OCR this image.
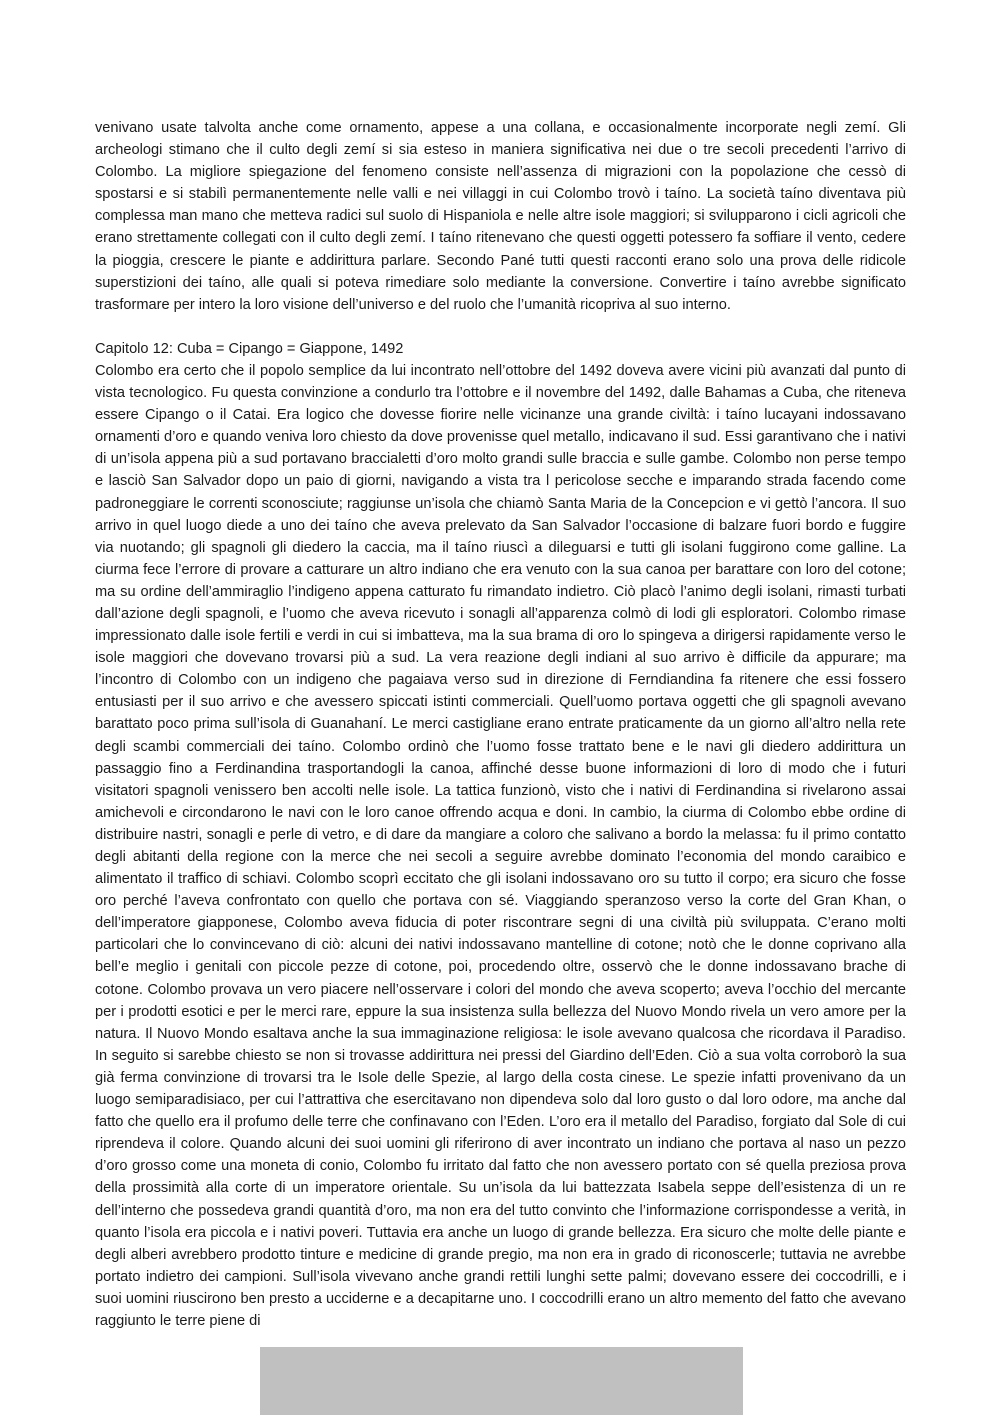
venivano usate talvolta anche come ornamento, appese a una collana, e occasionalmente incorporate negli zemí. Gli archeologi stimano che il culto degli zemí si sia esteso in maniera significativa nei due o tre secoli precedenti l’arrivo di Colombo. La migliore spiegazione del fenomeno consiste nell’assenza di migrazioni con la popolazione che cessò di spostarsi e si stabilì permanentemente nelle valli e nei villaggi in cui Colombo trovò i taíno. La società taíno diventava più complessa man mano che metteva radici sul suolo di Hispaniola e nelle altre isole maggiori; si svilupparono i cicli agricoli che erano strettamente collegati con il culto degli zemí. I taíno ritenevano che questi oggetti potessero fa soffiare il vento, cedere la pioggia, crescere le piante e addirittura parlare. Secondo Pané tutti questi racconti erano solo una prova delle ridicole superstizioni dei taíno, alle quali si poteva rimediare solo mediante la conversione. Convertire i taíno avrebbe significato trasformare per intero la loro visione dell’universo e del ruolo che l’umanità ricopriva al suo interno.

Capitolo 12: Cuba = Cipango = Giappone, 1492

Colombo era certo che il popolo semplice da lui incontrato nell’ottobre del 1492 doveva avere vicini più avanzati dal punto di vista tecnologico. Fu questa convinzione a condurlo tra l’ottobre e il novembre del 1492, dalle Bahamas a Cuba, che riteneva essere Cipango o il Catai. Era logico che dovesse fiorire nelle vicinanze una grande civiltà: i taíno lucayani indossavano ornamenti d’oro e quando veniva loro chiesto da dove provenisse quel metallo, indicavano il sud. Essi garantivano che i nativi di un’isola appena più a sud portavano braccialetti d’oro molto grandi sulle braccia e sulle gambe. Colombo non perse tempo e lasciò San Salvador dopo un paio di giorni, navigando a vista tra l pericolose secche e imparando strada facendo come padroneggiare le correnti sconosciute; raggiunse un’isola che chiamò Santa Maria de la Concepcion e vi gettò l’ancora. Il suo arrivo in quel luogo diede a uno dei taíno che aveva prelevato da San Salvador l’occasione di balzare fuori bordo e fuggire via nuotando; gli spagnoli gli diedero la caccia, ma il taíno riuscì a dileguarsi e tutti gli isolani fuggirono come galline. La ciurma fece l’errore di provare a catturare un altro indiano che era venuto con la sua canoa per barattare con loro del cotone; ma su ordine dell’ammiraglio l’indigeno appena catturato fu rimandato indietro. Ciò placò l’animo degli isolani, rimasti turbati dall’azione degli spagnoli, e l’uomo che aveva ricevuto i sonagli all’apparenza colmò di lodi gli esploratori. Colombo rimase impressionato dalle isole fertili e verdi in cui si imbatteva, ma la sua brama di oro lo spingeva a dirigersi rapidamente verso le isole maggiori che dovevano trovarsi più a sud. La vera reazione degli indiani al suo arrivo è difficile da appurare; ma l’incontro di Colombo con un indigeno che pagaiava verso sud in direzione di Ferndiandina fa ritenere che essi fossero entusiasti per il suo arrivo e che avessero spiccati istinti commerciali. Quell’uomo portava oggetti che gli spagnoli avevano barattato poco prima sull’isola di Guanahaní. Le merci castigliane erano entrate praticamente da un giorno all’altro nella rete degli scambi commerciali dei taíno. Colombo ordinò che l’uomo fosse trattato bene e le navi gli diedero addirittura un passaggio fino a Ferdinandina trasportandogli la canoa, affinché desse buone informazioni di loro di modo che i futuri visitatori spagnoli venissero ben accolti nelle isole. La tattica funzionò, visto che i nativi di Ferdinandina si rivelarono assai amichevoli e circondarono le navi con le loro canoe offrendo acqua e doni. In cambio, la ciurma di Colombo ebbe ordine di distribuire nastri, sonagli e perle di vetro, e di dare da mangiare a coloro che salivano a bordo la melassa: fu il primo contatto degli abitanti della regione con la merce che nei secoli a seguire avrebbe dominato l’economia del mondo caraibico e alimentato il traffico di schiavi. Colombo scoprì eccitato che gli isolani indossavano oro su tutto il corpo; era sicuro che fosse oro perché l’aveva confrontato con quello che portava con sé. Viaggiando speranzoso verso la corte del Gran Khan, o dell’imperatore giapponese, Colombo aveva fiducia di poter riscontrare segni di una civiltà più sviluppata. C’erano molti particolari che lo convincevano di ciò: alcuni dei nativi indossavano mantelline di cotone; notò che le donne coprivano alla bell’e meglio i genitali con piccole pezze di cotone, poi, procedendo oltre, osservò che le donne indossavano brache di cotone. Colombo provava un vero piacere nell’osservare i colori del mondo che aveva scoperto; aveva l’occhio del mercante per i prodotti esotici e per le merci rare, eppure la sua insistenza sulla bellezza del Nuovo Mondo rivela un vero amore per la natura. Il Nuovo Mondo esaltava anche la sua immaginazione religiosa: le isole avevano qualcosa che ricordava il Paradiso. In seguito si sarebbe chiesto se non si trovasse addirittura nei pressi del Giardino dell’Eden. Ciò a sua volta corroborò la sua già ferma convinzione di trovarsi tra le Isole delle Spezie, al largo della costa cinese. Le spezie infatti provenivano da un luogo semiparadisiaco, per cui l’attrattiva che esercitavano non dipendeva solo dal loro gusto o dal loro odore, ma anche dal fatto che quello era il profumo delle terre che confinavano con l’Eden. L’oro era il metallo del Paradiso, forgiato dal Sole di cui riprendeva il colore. Quando alcuni dei suoi uomini gli riferirono di aver incontrato un indiano che portava al naso un pezzo d’oro grosso come una moneta di conio, Colombo fu irritato dal fatto che non avessero portato con sé quella preziosa prova della prossimità alla corte di un imperatore orientale. Su un’isola da lui battezzata Isabela seppe dell’esistenza di un re dell’interno che possedeva grandi quantità d’oro, ma non era del tutto convinto che l’informazione corrispondesse a verità, in quanto l’isola era piccola e i nativi poveri. Tuttavia era anche un luogo di grande bellezza. Era sicuro che molte delle piante e degli alberi avrebbero prodotto tinture e medicine di grande pregio, ma non era in grado di riconoscerle; tuttavia ne avrebbe portato indietro dei campioni. Sull’isola vivevano anche grandi rettili lunghi sette palmi; dovevano essere dei coccodrilli, e i suoi uomini riuscirono ben presto a ucciderne e a decapitarne uno. I coccodrilli erano un altro memento del fatto che avevano raggiunto le terre piene di
